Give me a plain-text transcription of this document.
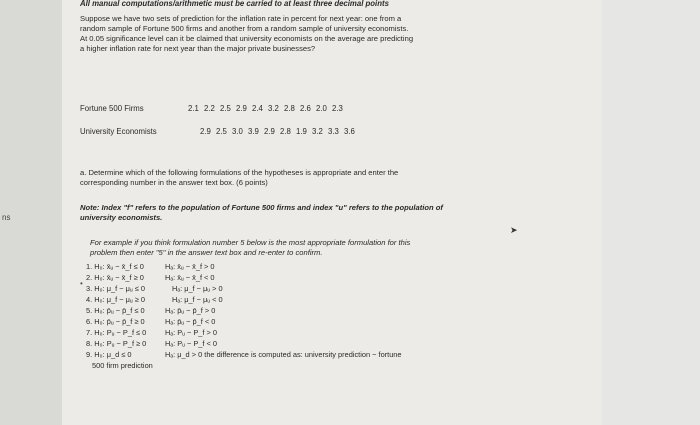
ns
All manual computations/arithmetic must be carried to at least three decimal points
Suppose we have two sets of prediction for the inflation rate in percent for next year: one from a
random sample of Fortune 500 firms and another from a random sample of university economists.
At 0.05 significance level can it be claimed that university economists on the average are predicting
a higher inflation rate for next year than the major private businesses?
Fortune 500 Firms	2.1 2.2 2.5 2.9 2.4 3.2 2.8 2.6 2.0 2.3
University Economists	2.9 2.5 3.0 3.9 2.9 2.8 1.9 3.2 3.3 3.6
a. Determine which of the following formulations of the hypotheses is appropriate and enter the
corresponding number in the answer text box. (6 points)
Note: Index "f" refers to the population of Fortune 500 firms and index "u" refers to the population of
university economists.
For example if you think formulation number 5 below is the most appropriate formulation for this
problem then enter "5" in the answer text box and re-enter to confirm.
1. H₀: x̄ᵤ − x̄_f ≤ 0	Hₐ: x̄ᵤ − x̄_f > 0
2. H₀: x̄ᵤ − x̄_f ≥ 0	Hₐ: x̄ᵤ − x̄_f < 0
3. H₀: μ_f − μᵤ ≤ 0	Hₐ: μ_f − μᵤ > 0
4. H₀: μ_f − μᵤ ≥ 0	Hₐ: μ_f − μᵤ < 0
5. H₀: p̄ᵤ − p̄_f ≤ 0	Hₐ: p̄ᵤ − p̄_f > 0
6. H₀: p̄ᵤ − p̄_f ≥ 0	Hₐ: p̄ᵤ − p̄_f < 0
7. H₀: Pᵤ − P_f ≤ 0	Hₐ: Pᵤ − P_f > 0
8. H₀: Pᵤ − P_f ≥ 0	Hₐ: Pᵤ − P_f < 0
9. H₀: μ_d ≤ 0	Hₐ: μ_d > 0 the difference is computed as: university prediction − fortune
500 firm prediction
•
➤
